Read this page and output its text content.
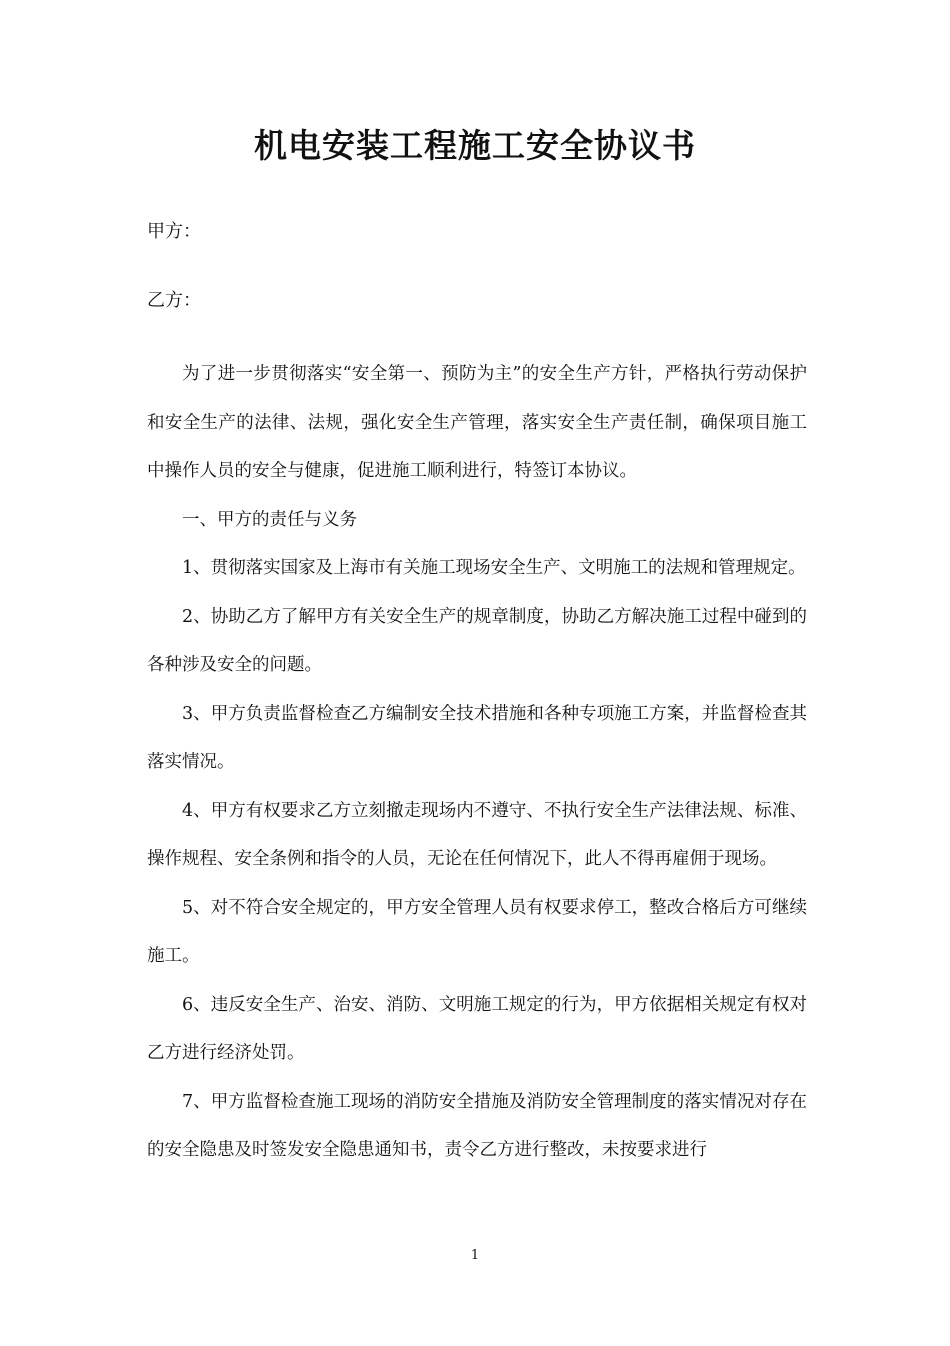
机电安装工程施工安全协议书
甲方：
乙方：

为了进一步贯彻落实“安全第一、预防为主”的安全生产方针，严格执行劳动保护和安全生产的法律、法规，强化安全生产管理，落实安全生产责任制，确保项目施工中操作人员的安全与健康，促进施工顺利进行，特签订本协议。

一、甲方的责任与义务

1、贯彻落实国家及上海市有关施工现场安全生产、文明施工的法规和管理规定。

2、协助乙方了解甲方有关安全生产的规章制度，协助乙方解决施工过程中碰到的各种涉及安全的问题。

3、甲方负责监督检查乙方编制安全技术措施和各种专项施工方案，并监督检查其落实情况。

4、甲方有权要求乙方立刻撤走现场内不遵守、不执行安全生产法律法规、标准、操作规程、安全条例和指令的人员，无论在任何情况下，此人不得再雇佣于现场。

5、对不符合安全规定的，甲方安全管理人员有权要求停工，整改合格后方可继续施工。

6、违反安全生产、治安、消防、文明施工规定的行为，甲方依据相关规定有权对乙方进行经济处罚。

7、甲方监督检查施工现场的消防安全措施及消防安全管理制度的落实情况对存在的安全隐患及时签发安全隐患通知书，责令乙方进行整改，未按要求进行

1
